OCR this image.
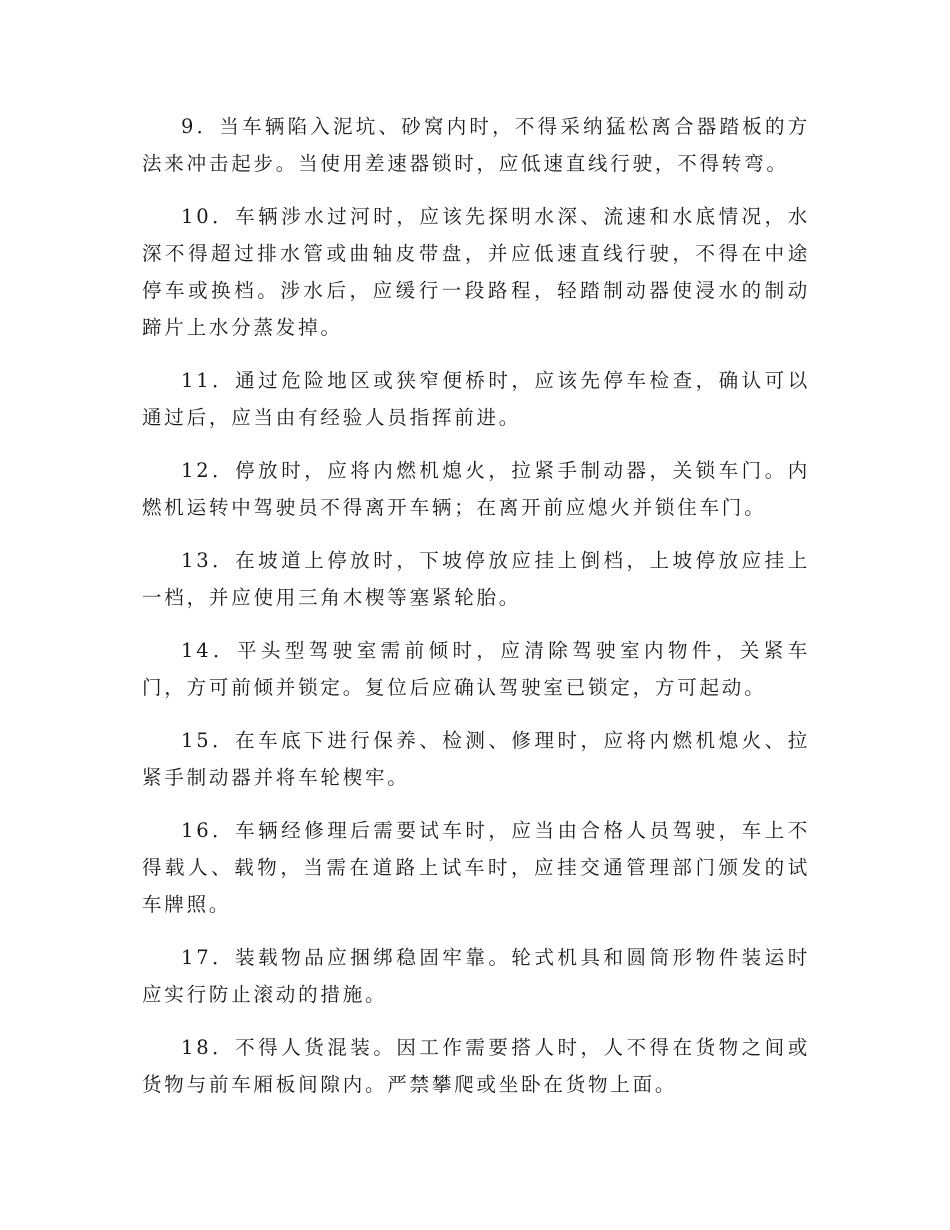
9．当车辆陷入泥坑、砂窝内时，不得采纳猛松离合器踏板的方法来冲击起步。当使用差速器锁时，应低速直线行驶，不得转弯。

10．车辆涉水过河时，应该先探明水深、流速和水底情况，水深不得超过排水管或曲轴皮带盘，并应低速直线行驶，不得在中途停车或换档。涉水后，应缓行一段路程，轻踏制动器使浸水的制动蹄片上水分蒸发掉。

11．通过危险地区或狭窄便桥时，应该先停车检查，确认可以通过后，应当由有经验人员指挥前进。

12．停放时，应将内燃机熄火，拉紧手制动器，关锁车门。内燃机运转中驾驶员不得离开车辆；在离开前应熄火并锁住车门。

13．在坡道上停放时，下坡停放应挂上倒档，上坡停放应挂上一档，并应使用三角木楔等塞紧轮胎。

14．平头型驾驶室需前倾时，应清除驾驶室内物件，关紧车门，方可前倾并锁定。复位后应确认驾驶室已锁定，方可起动。

15．在车底下进行保养、检测、修理时，应将内燃机熄火、拉紧手制动器并将车轮楔牢。

16．车辆经修理后需要试车时，应当由合格人员驾驶，车上不得载人、载物，当需在道路上试车时，应挂交通管理部门颁发的试车牌照。

17．装载物品应捆绑稳固牢靠。轮式机具和圆筒形物件装运时应实行防止滚动的措施。

18．不得人货混装。因工作需要搭人时，人不得在货物之间或货物与前车厢板间隙内。严禁攀爬或坐卧在货物上面。
